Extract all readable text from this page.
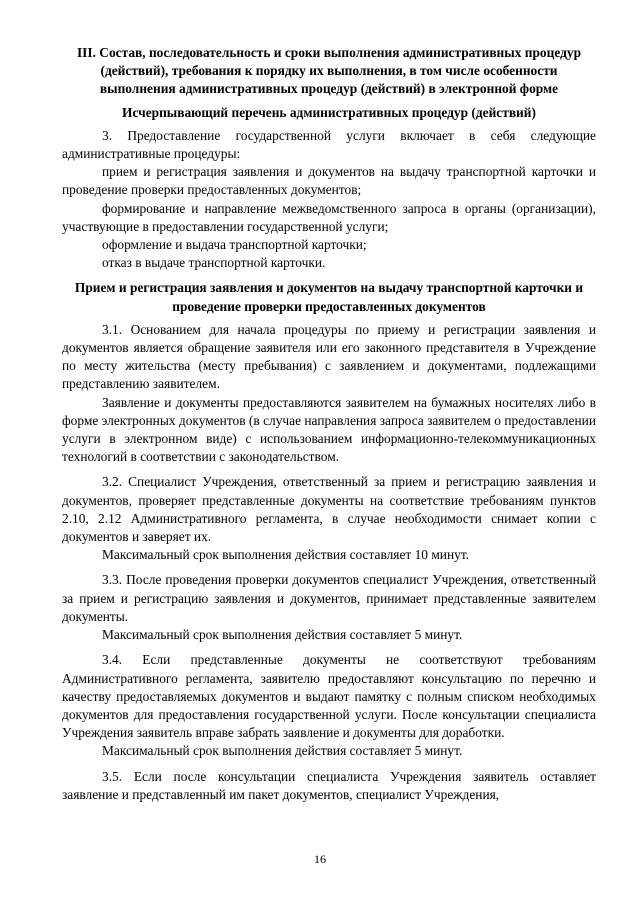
III. Состав, последовательность и сроки выполнения административных процедур (действий), требования к порядку их выполнения, в том числе особенности выполнения административных процедур (действий) в электронной форме

Исчерпывающий перечень административных процедур (действий)

3. Предоставление государственной услуги включает в себя следующие административные процедуры:

прием и регистрация заявления и документов на выдачу транспортной карточки и проведение проверки предоставленных документов;

формирование и направление межведомственного запроса в органы (организации), участвующие в предоставлении государственной услуги;

оформление и выдача транспортной карточки;

отказ в выдаче транспортной карточки.

Прием и регистрация заявления и документов на выдачу транспортной карточки и проведение проверки предоставленных документов

3.1. Основанием для начала процедуры по приему и регистрации заявления и документов является обращение заявителя или его законного представителя в Учреждение по месту жительства (месту пребывания) с заявлением и документами, подлежащими представлению заявителем.

Заявление и документы предоставляются заявителем на бумажных носителях либо в форме электронных документов (в случае направления запроса заявителем о предоставлении услуги в электронном виде) с использованием информационно-телекоммуникационных технологий в соответствии с законодательством.

3.2. Специалист Учреждения, ответственный за прием и регистрацию заявления и документов, проверяет представленные документы на соответствие требованиям пунктов 2.10, 2.12 Административного регламента, в случае необходимости снимает копии с документов и заверяет их.

Максимальный срок выполнения действия составляет 10 минут.

3.3. После проведения проверки документов специалист Учреждения, ответственный за прием и регистрацию заявления и документов, принимает представленные заявителем документы.

Максимальный срок выполнения действия составляет 5 минут.

3.4. Если представленные документы не соответствуют требованиям Административного регламента, заявителю предоставляют консультацию по перечню и качеству предоставляемых документов и выдают памятку с полным списком необходимых документов для предоставления государственной услуги. После консультации специалиста Учреждения заявитель вправе забрать заявление и документы для доработки.

Максимальный срок выполнения действия составляет 5 минут.

3.5. Если после консультации специалиста Учреждения заявитель оставляет заявление и представленный им пакет документов, специалист Учреждения,

16
